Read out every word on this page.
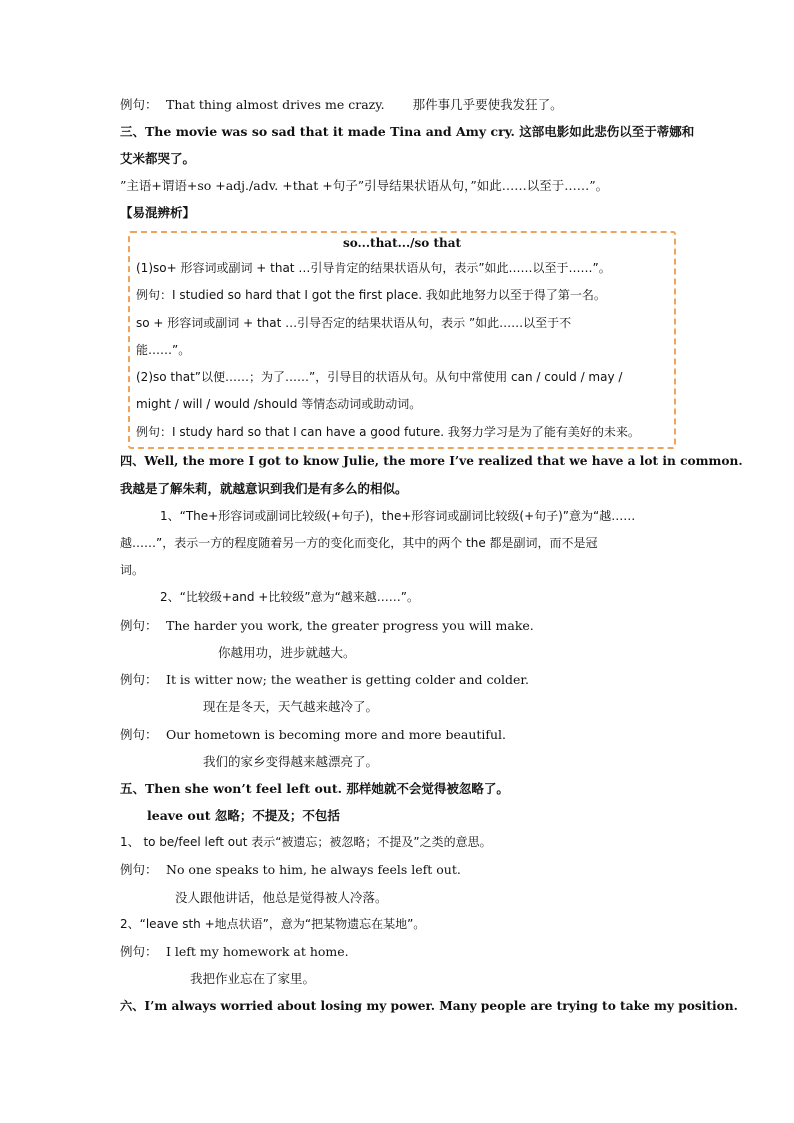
例句： That thing almost drives me crazy. 那件事几乎要使我发狂了。
三、The movie was so sad that it made Tina and Amy cry. 这部电影如此悲伤以至于蒂娜和
艾米都哭了。
”主语+谓语+so +adj./adv. +that +句子”引导结果状语从句，”如此……以至于……”。
【易混辨析】
so...that.../so that
(1)so+ 形容词或副词 + that …引导肯定的结果状语从句，表示”如此……以至于……”。
例句：I studied so hard that I got the first place. 我如此地努力以至于得了第一名。
so + 形容词或副词 + that …引导否定的结果状语从句，表示 ”如此……以至于不
能……”。
(2)so that”以便……；为了……”，引导目的状语从句。从句中常使用 can / could / may /
might / will / would /should 等情态动词或助动词。
例句：I study hard so that I can have a good future. 我努力学习是为了能有美好的未来。
四、Well, the more I got to know Julie, the more I’ve realized that we have a lot in common.
我越是了解朱莉，就越意识到我们是有多么的相似。
1、“The+形容词或副词比较级(+句子)，the+形容词或副词比较级(+句子)”意为“越……
越……”，表示一方的程度随着另一方的变化而变化，其中的两个 the 都是副词，而不是冠
词。
2、“比较级+and +比较级”意为“越来越……”。
例句： The harder you work, the greater progress you will make.
你越用功，进步就越大。
例句： It is witter now; the weather is getting colder and colder.
现在是冬天，天气越来越冷了。
例句： Our hometown is becoming more and more beautiful.
我们的家乡变得越来越漂亮了。
五、Then she won’t feel left out. 那样她就不会觉得被忽略了。
leave out 忽略；不提及；不包括
1、 to be/feel left out 表示“被遗忘；被忽略；不提及”之类的意思。
例句： No one speaks to him, he always feels left out.
没人跟他讲话，他总是觉得被人冷落。
2、“leave sth +地点状语”，意为“把某物遗忘在某地”。
例句： I left my homework at home.
我把作业忘在了家里。
六、I’m always worried about losing my power. Many people are trying to take my position.
